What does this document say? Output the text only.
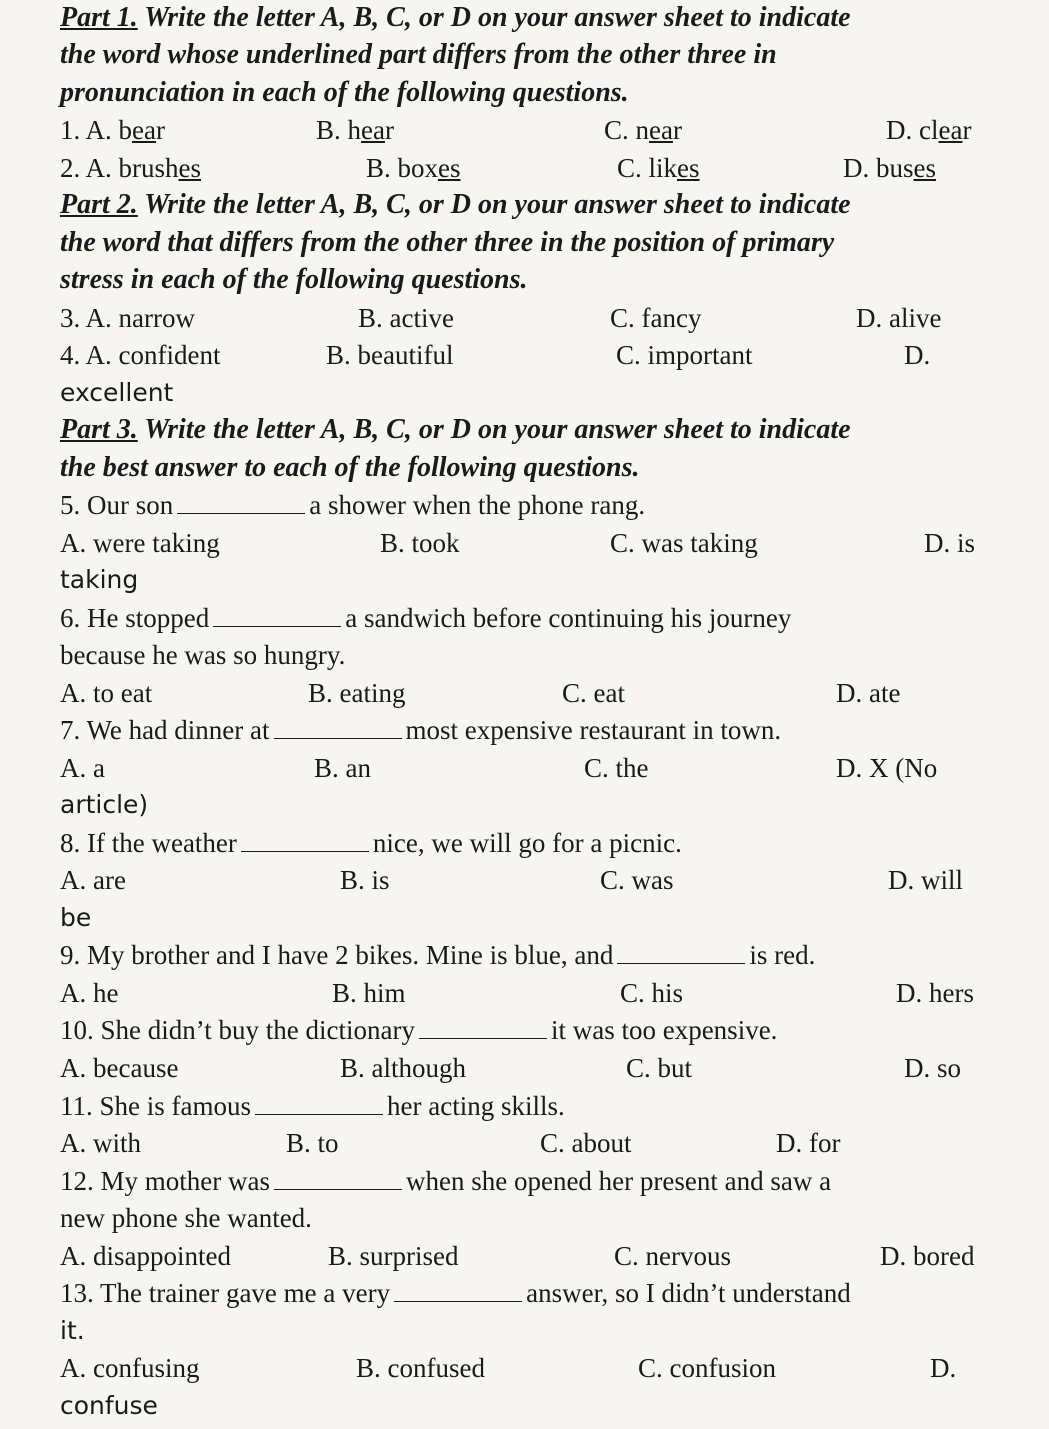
Part 1. Write the letter A, B, C, or D on your answer sheet to indicate
the word whose underlined part differs from the other three in
pronunciation in each of the following questions.
1. A. bear	B. hear	C. near	D. clear
2. A. brushes	B. boxes	C. likes	D. buses
Part 2. Write the letter A, B, C, or D on your answer sheet to indicate
the word that differs from the other three in the position of primary
stress in each of the following questions.
3. A. narrow	B. active	C. fancy	D. alive
4. A. confident	B. beautiful	C. important	D.
excellent
Part 3. Write the letter A, B, C, or D on your answer sheet to indicate
the best answer to each of the following questions.
5. Our son	a shower when the phone rang.
A. were taking	B. took	C. was taking	D. is
taking
6. He stopped	a sandwich before continuing his journey
because he was so hungry.
A. to eat	B. eating	C. eat	D. ate
7. We had dinner at	most expensive restaurant in town.
A. a	B. an	C. the	D. X (No
article)
8. If the weather	nice, we will go for a picnic.
A. are	B. is	C. was	D. will
be
9. My brother and I have 2 bikes. Mine is blue, and	is red.
A. he	B. him	C. his	D. hers
10. She didn’t buy the dictionary	it was too expensive.
A. because	B. although	C. but	D. so
11. She is famous	her acting skills.
A. with	B. to	C. about	D. for
12. My mother was	when she opened her present and saw a
new phone she wanted.
A. disappointed	B. surprised	C. nervous	D. bored
13. The trainer gave me a very	answer, so I didn’t understand
it.
A. confusing	B. confused	C. confusion	D.
confuse
